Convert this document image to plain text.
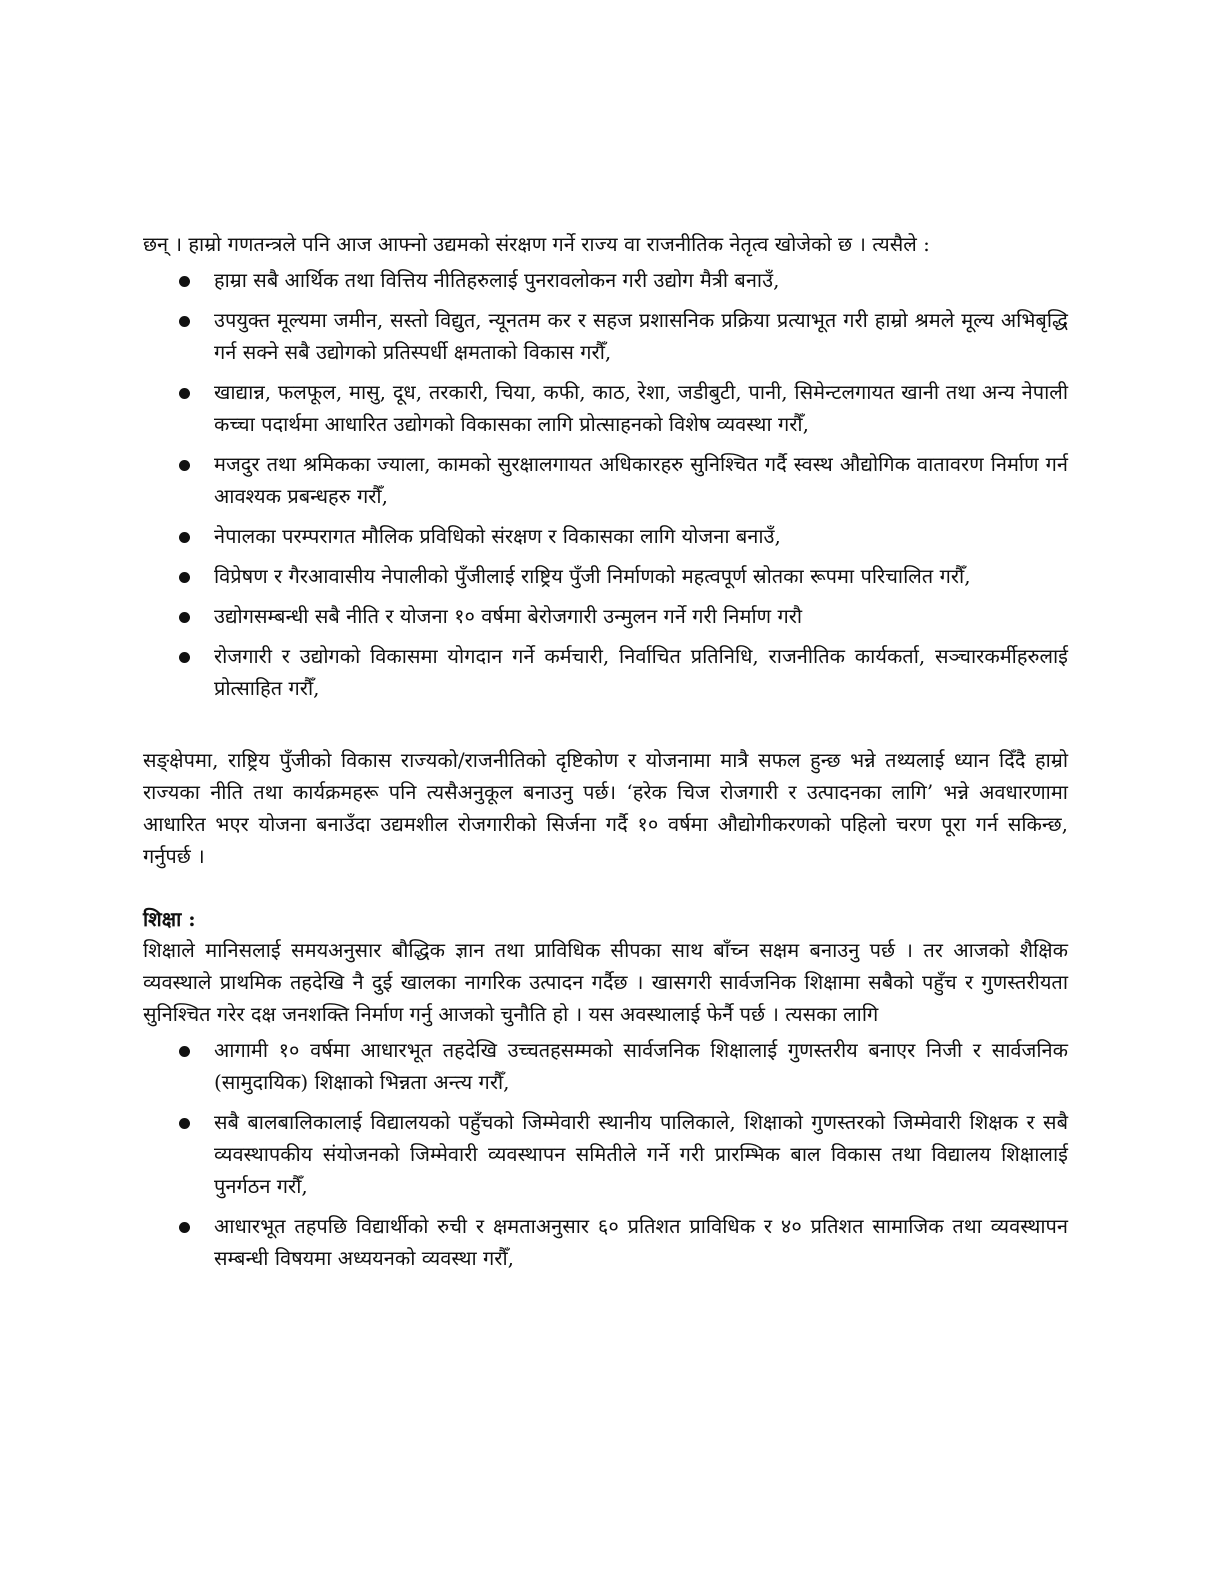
छन् । हाम्रो गणतन्त्रले पनि आज आफ्नो उद्यमको संरक्षण गर्ने राज्य वा राजनीतिक नेतृत्व खोजेको छ । त्यसैले :

हाम्रा सबै आर्थिक तथा वित्तिय नीतिहरुलाई पुनरावलोकन गरी उद्योग मैत्री बनाउँ,
उपयुक्त मूल्यमा जमीन, सस्तो विद्युत, न्यूनतम कर र सहज प्रशासनिक प्रक्रिया प्रत्याभूत गरी हाम्रो श्रमले मूल्य अभिबृद्धि गर्न सक्ने सबै उद्योगको प्रतिस्पर्धी क्षमताको विकास गरौँ,
खाद्यान्न, फलफूल, मासु, दूध, तरकारी, चिया, कफी, काठ, रेशा, जडीबुटी, पानी, सिमेन्टलगायत खानी तथा अन्य नेपाली कच्चा पदार्थमा आधारित उद्योगको विकासका लागि प्रोत्साहनको विशेष व्यवस्था गरौँ,
मजदुर तथा श्रमिकका ज्याला, कामको सुरक्षालगायत अधिकारहरु सुनिश्चित गर्दै स्वस्थ औद्योगिक वातावरण निर्माण गर्न आवश्यक प्रबन्धहरु गरौँ,
नेपालका परम्परागत मौलिक प्रविधिको संरक्षण र विकासका लागि योजना बनाउँ,
विप्रेषण र गैरआवासीय नेपालीको पुँजीलाई राष्ट्रिय पुँजी निर्माणको महत्वपूर्ण स्रोतका रूपमा परिचालित गरौँ,
उद्योगसम्बन्धी सबै नीति र योजना १० वर्षमा बेरोजगारी उन्मुलन गर्ने गरी निर्माण गरौ
रोजगारी र उद्योगको विकासमा योगदान गर्ने कर्मचारी, निर्वाचित प्रतिनिधि, राजनीतिक कार्यकर्ता, सञ्चारकर्मीहरुलाई प्रोत्साहित गरौँ,

सङ्क्षेपमा, राष्ट्रिय पुँजीको विकास राज्यको/राजनीतिको दृष्टिकोण र योजनामा मात्रै सफल हुन्छ भन्ने तथ्यलाई ध्यान दिँदै हाम्रो राज्यका नीति तथा कार्यक्रमहरू पनि त्यसैअनुकूल बनाउनु पर्छ। ‘हरेक चिज रोजगारी र उत्पादनका लागि’ भन्ने अवधारणामा आधारित भएर योजना बनाउँदा उद्यमशील रोजगारीको सिर्जना गर्दै १० वर्षमा औद्योगीकरणको पहिलो चरण पूरा गर्न सकिन्छ, गर्नुपर्छ ।

शिक्षा :

शिक्षाले मानिसलाई समयअनुसार बौद्धिक ज्ञान तथा प्राविधिक सीपका साथ बाँच्न सक्षम बनाउनु पर्छ । तर आजको शैक्षिक व्यवस्थाले प्राथमिक तहदेखि नै दुई खालका नागरिक उत्पादन गर्दैछ । खासगरी सार्वजनिक शिक्षामा सबैको पहुँच र गुणस्तरीयता सुनिश्चित गरेर दक्ष जनशक्ति निर्माण गर्नु आजको चुनौति हो । यस अवस्थालाई फेर्नै पर्छ । त्यसका लागि

आगामी १० वर्षमा आधारभूत तहदेखि उच्चतहसम्मको सार्वजनिक शिक्षालाई गुणस्तरीय बनाएर निजी र सार्वजनिक (सामुदायिक) शिक्षाको भिन्नता अन्त्य गरौँ,
सबै बालबालिकालाई विद्यालयको पहुँचको जिम्मेवारी स्थानीय पालिकाले, शिक्षाको गुणस्तरको जिम्मेवारी शिक्षक र सबै व्यवस्थापकीय संयोजनको जिम्मेवारी व्यवस्थापन समितीले गर्ने गरी प्रारम्भिक बाल विकास तथा विद्यालय शिक्षालाई पुनर्गठन गरौँ,
आधारभूत तहपछि विद्यार्थीको रुची र क्षमताअनुसार ६० प्रतिशत प्राविधिक र ४० प्रतिशत सामाजिक तथा व्यवस्थापन सम्बन्धी विषयमा अध्ययनको व्यवस्था गरौँ,
